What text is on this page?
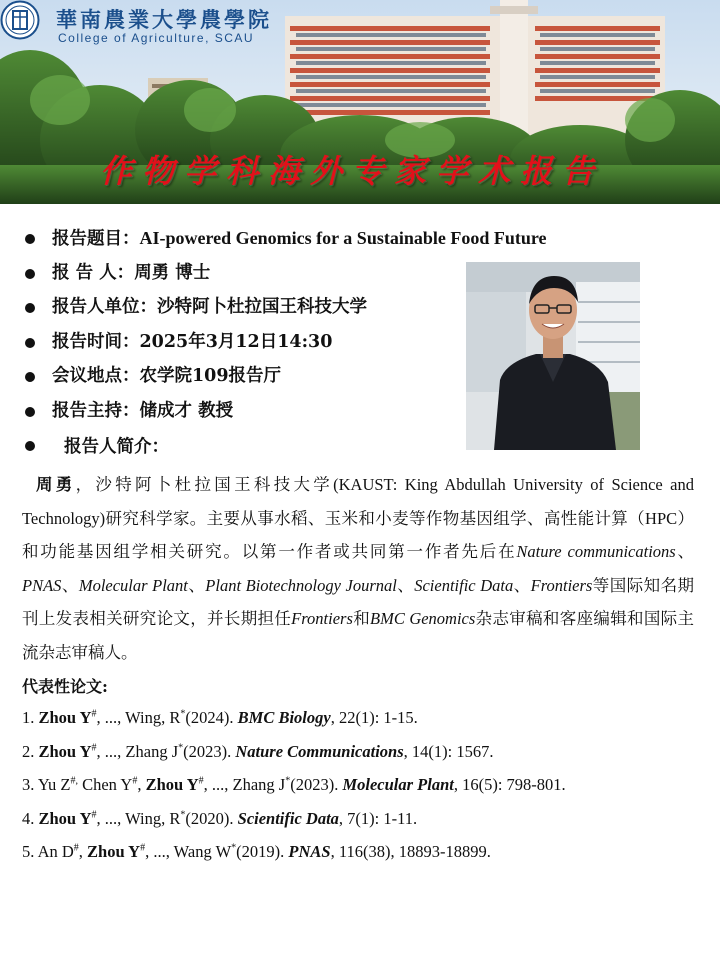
華南農業大學農學院
College of Agriculture, SCAU
作物学科海外专家学术报告
报告题目：AI-powered Genomics for a Sustainable Food Future
报 告 人：周勇 博士
报告人单位：沙特阿卜杜拉国王科技大学
报告时间：2025年3月12日14:30
会议地点：农学院109报告厅
报告主持：储成才 教授
报告人简介：
周勇，沙特阿卜杜拉国王科技大学(KAUST: King Abdullah University of Science and Technology)研究科学家。主要从事水稻、玉米和小麦等作物基因组学、高性能计算（HPC）和功能基因组学相关研究。以第一作者或共同第一作者先后在Nature communications、PNAS、Molecular Plant、Plant Biotechnology Journal、Scientific Data、Frontiers等国际知名期刊上发表相关研究论文，并长期担任Frontiers和BMC Genomics杂志审稿和客座编辑和国际主流杂志审稿人。
代表性论文:
1. Zhou Y#, ..., Wing, R*(2024). BMC Biology, 22(1): 1-15.
2. Zhou Y#, ..., Zhang J*(2023). Nature Communications, 14(1): 1567.
3. Yu Z#, Chen Y#, Zhou Y#, ..., Zhang J*(2023). Molecular Plant, 16(5): 798-801.
4. Zhou Y#, ..., Wing, R*(2020). Scientific Data, 7(1): 1-11.
5. An D#, Zhou Y#, ..., Wang W*(2019). PNAS, 116(38), 18893-18899.
